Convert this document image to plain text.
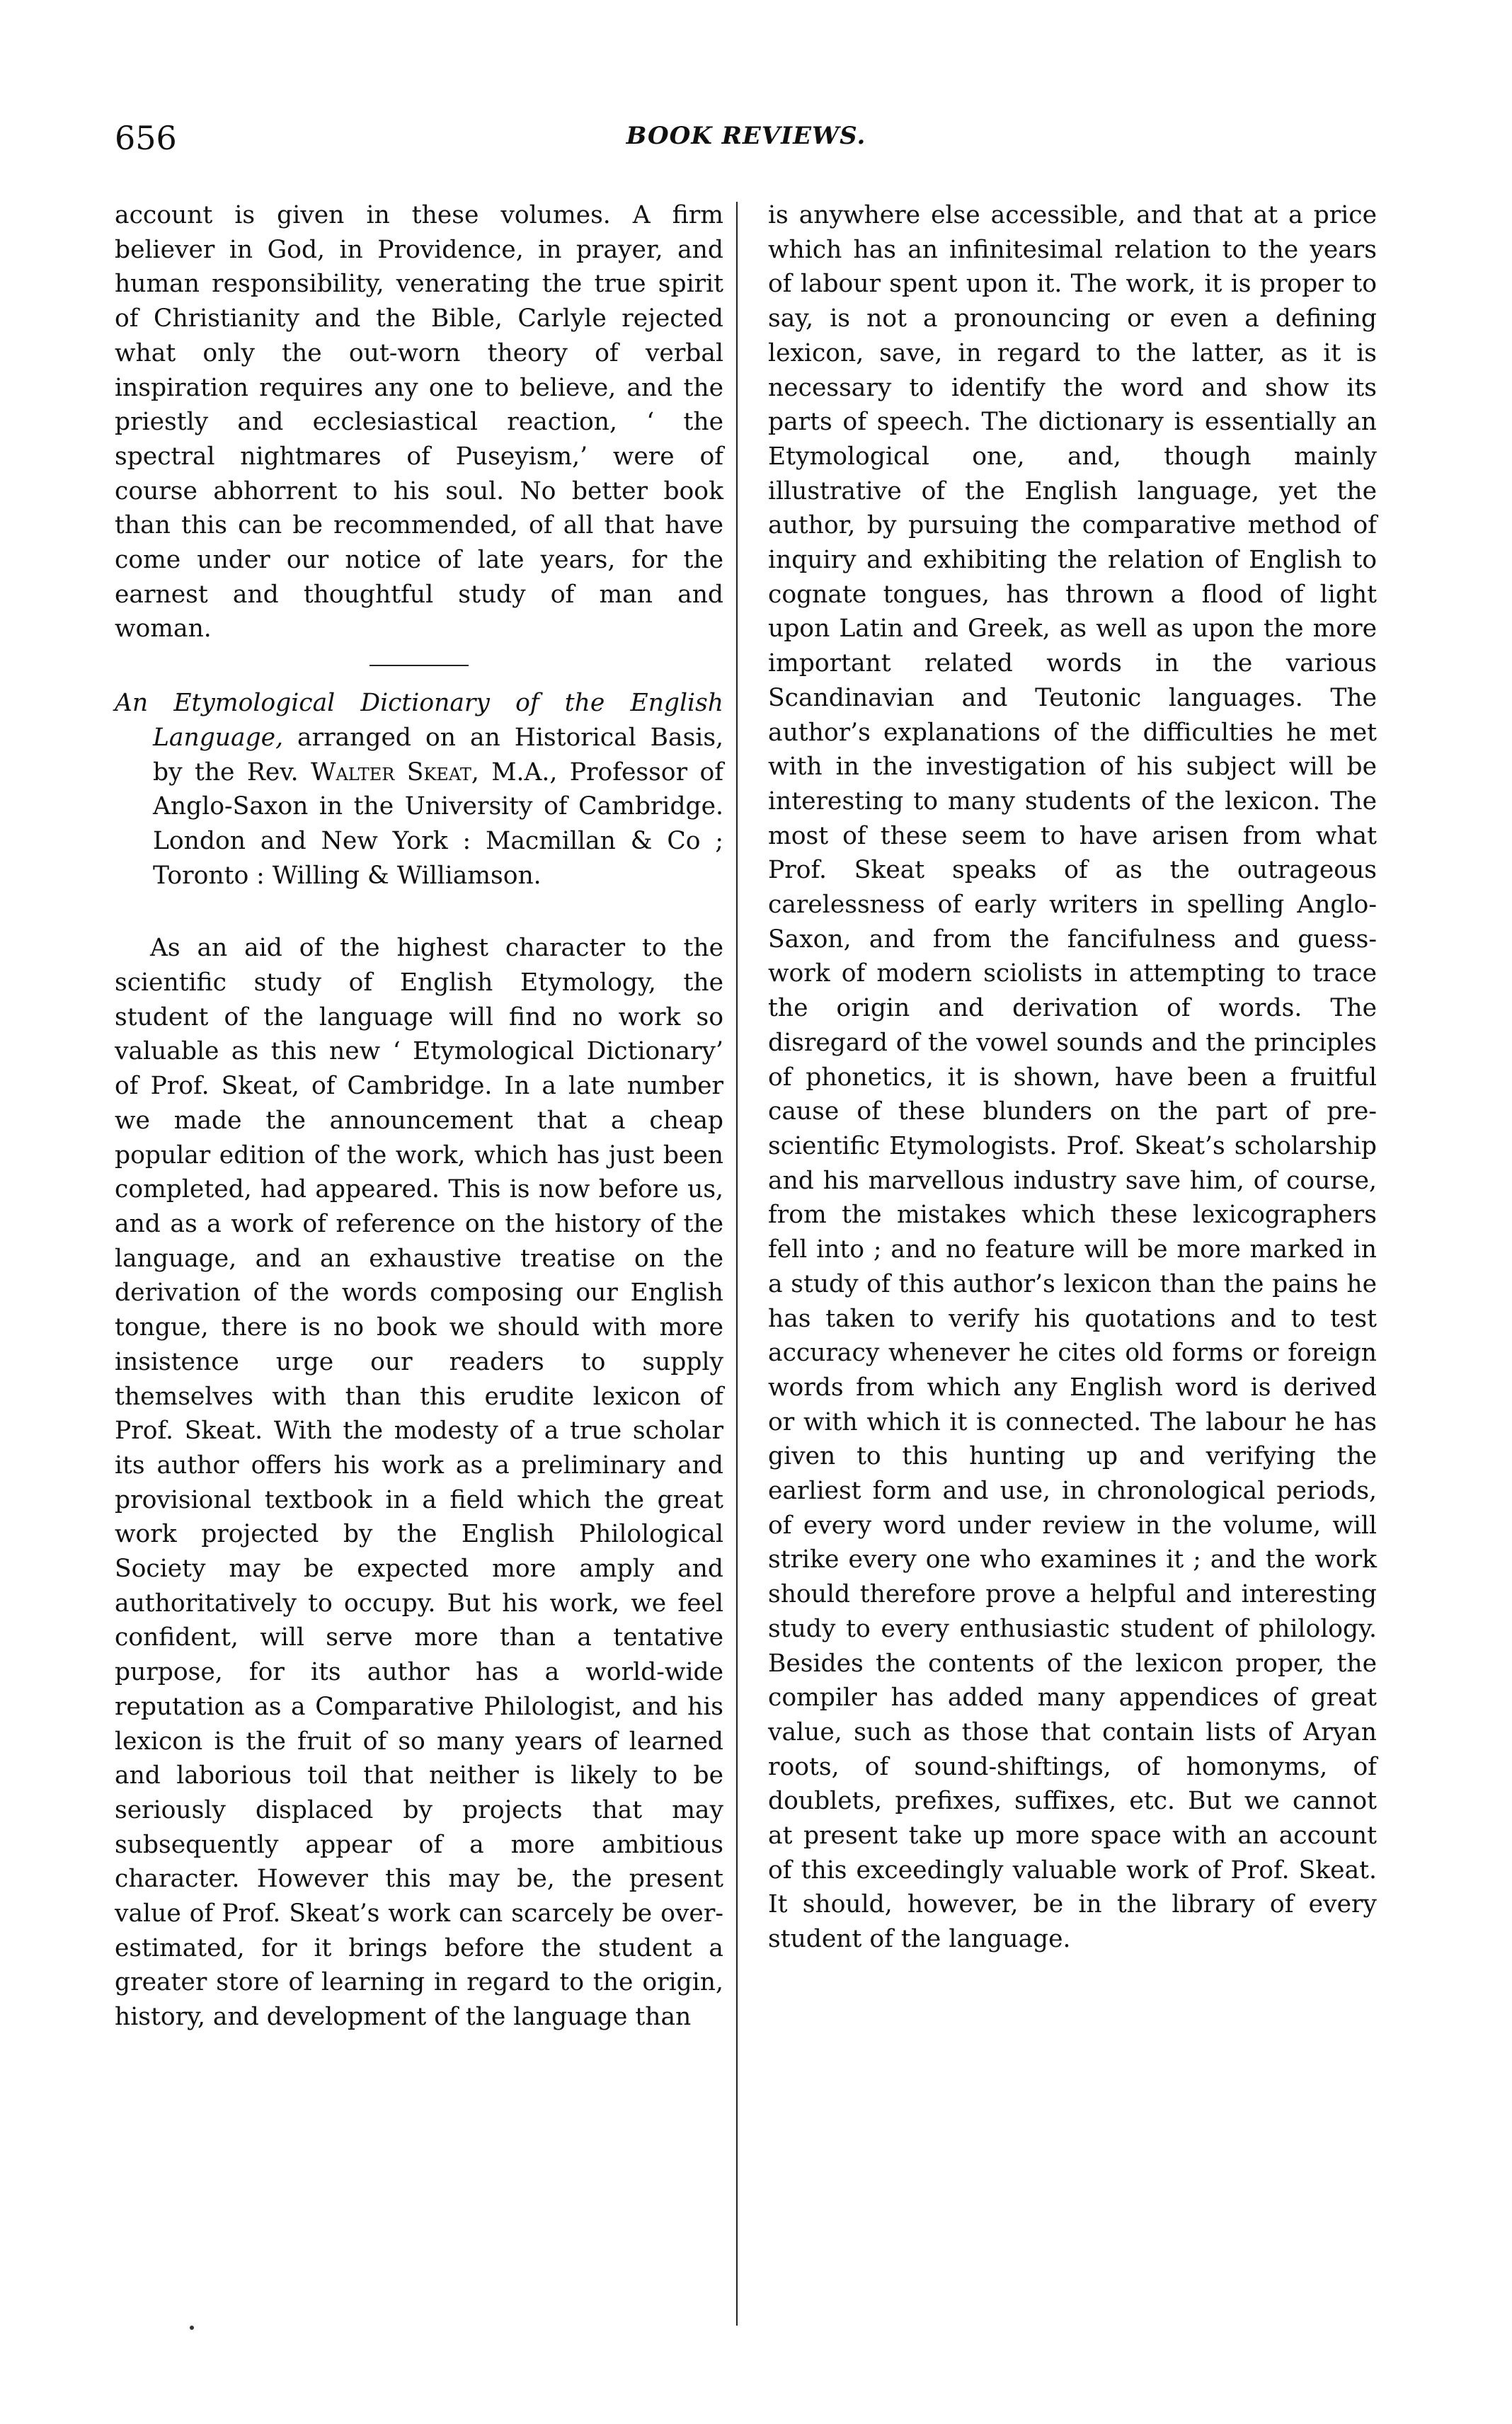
656	BOOK REVIEWS.

account is given in these volumes. A firm believer in God, in Providence, in prayer, and human responsibility, venerating the true spirit of Christianity and the Bible, Carlyle rejected what only the out-worn theory of verbal inspiration requires any one to believe, and the priestly and ecclesiastical reaction, ‘ the spectral nightmares of Puseyism,’ were of course abhorrent to his soul. No better book than this can be recommended, of all that have come under our notice of late years, for the earnest and thoughtful study of man and woman.

An Etymological Dictionary of the English Language, arranged on an Historical Basis, by the Rev. Walter Skeat, M.A., Professor of Anglo-Saxon in the University of Cambridge. London and New York : Macmillan & Co ; Toronto : Willing & Williamson.

As an aid of the highest character to the scientific study of English Etymology, the student of the language will find no work so valuable as this new ‘ Etymological Dictionary’ of Prof. Skeat, of Cambridge. In a late number we made the announcement that a cheap popular edition of the work, which has just been completed, had appeared. This is now before us, and as a work of reference on the history of the language, and an exhaustive treatise on the derivation of the words composing our English tongue, there is no book we should with more insistence urge our readers to supply themselves with than this erudite lexicon of Prof. Skeat. With the modesty of a true scholar its author offers his work as a preliminary and provisional textbook in a field which the great work projected by the English Philological Society may be expected more amply and authoritatively to occupy. But his work, we feel confident, will serve more than a tentative purpose, for its author has a world-wide reputation as a Comparative Philologist, and his lexicon is the fruit of so many years of learned and laborious toil that neither is likely to be seriously displaced by projects that may subsequently appear of a more ambitious character. However this may be, the present value of Prof. Skeat’s work can scarcely be over-estimated, for it brings before the student a greater store of learning in regard to the origin, history, and development of the language than

is anywhere else accessible, and that at a price which has an infinitesimal relation to the years of labour spent upon it. The work, it is proper to say, is not a pronouncing or even a defining lexicon, save, in regard to the latter, as it is necessary to identify the word and show its parts of speech. The dictionary is essentially an Etymological one, and, though mainly illustrative of the English language, yet the author, by pursuing the comparative method of inquiry and exhibiting the relation of English to cognate tongues, has thrown a flood of light upon Latin and Greek, as well as upon the more important related words in the various Scandinavian and Teutonic languages. The author’s explanations of the difficulties he met with in the investigation of his subject will be interesting to many students of the lexicon. The most of these seem to have arisen from what Prof. Skeat speaks of as the outrageous carelessness of early writers in spelling Anglo-Saxon, and from the fancifulness and guess-work of modern sciolists in attempting to trace the origin and derivation of words. The disregard of the vowel sounds and the principles of phonetics, it is shown, have been a fruitful cause of these blunders on the part of pre-scientific Etymologists. Prof. Skeat’s scholarship and his marvellous industry save him, of course, from the mistakes which these lexicographers fell into ; and no feature will be more marked in a study of this author’s lexicon than the pains he has taken to verify his quotations and to test accuracy whenever he cites old forms or foreign words from which any English word is derived or with which it is connected. The labour he has given to this hunting up and verifying the earliest form and use, in chronological periods, of every word under review in the volume, will strike every one who examines it ; and the work should therefore prove a helpful and interesting study to every enthusiastic student of philology. Besides the contents of the lexicon proper, the compiler has added many appendices of great value, such as those that contain lists of Aryan roots, of sound-shiftings, of homonyms, of doublets, prefixes, suffixes, etc. But we cannot at present take up more space with an account of this exceedingly valuable work of Prof. Skeat. It should, however, be in the library of every student of the language.
